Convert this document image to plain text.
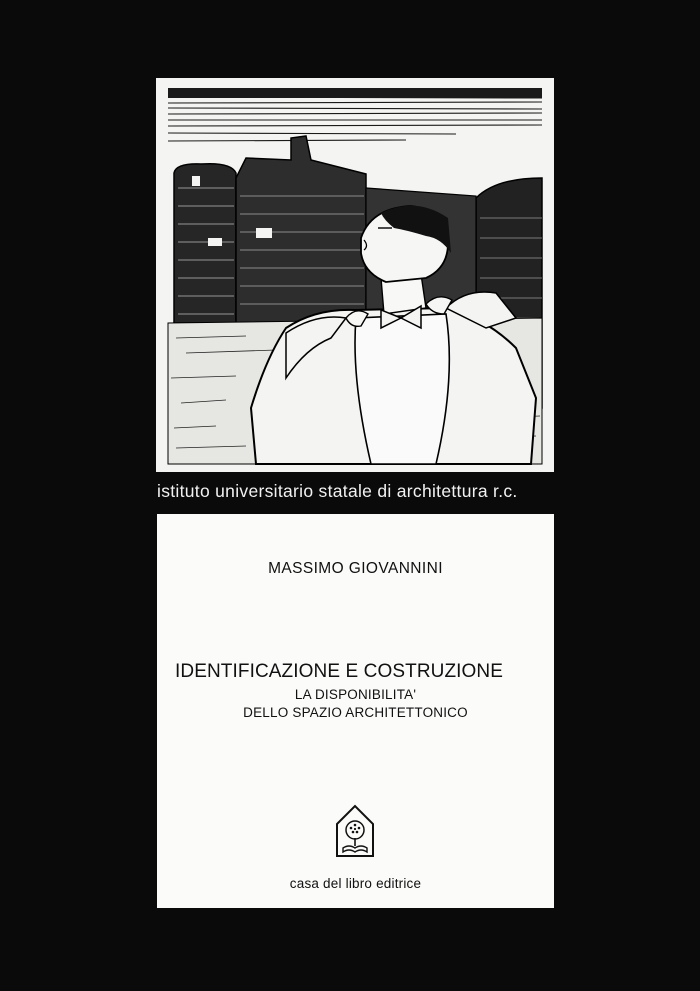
istituto universitario statale di architettura r.c.
MASSIMO GIOVANNINI
IDENTIFICAZIONE E COSTRUZIONE
LA DISPONIBILITA'
DELLO SPAZIO ARCHITETTONICO
casa del libro editrice
